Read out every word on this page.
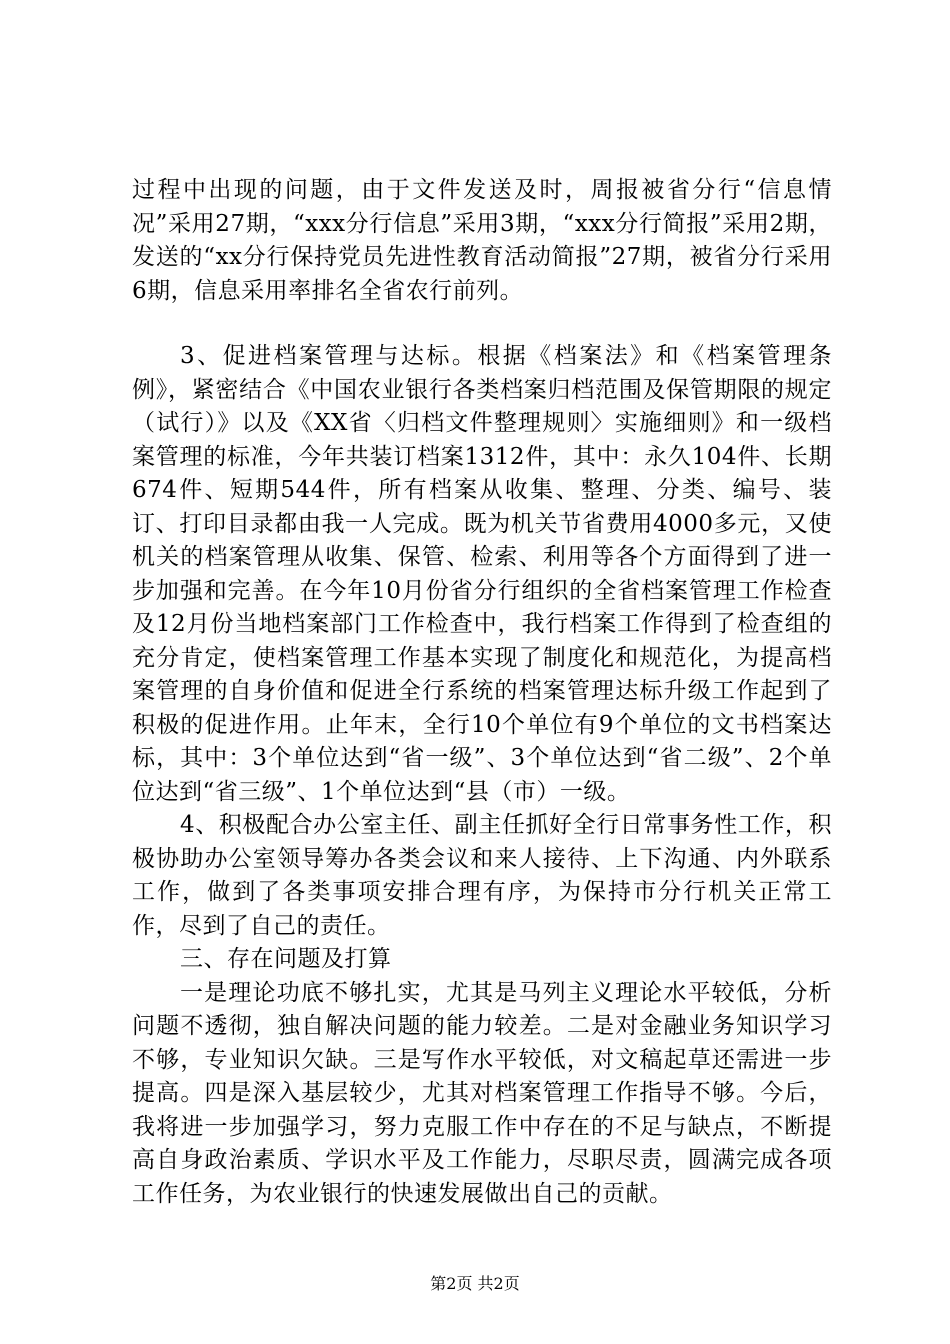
过程中出现的问题，由于文件发送及时，周报被省分行“信息情况”采用27期，“xxx分行信息”采用3期，“xxx分行简报”采用2期，发送的“xx分行保持党员先进性教育活动简报”27期，被省分行采用6期，信息采用率排名全省农行前列。

3、促进档案管理与达标。根据《档案法》和《档案管理条例》，紧密结合《中国农业银行各类档案归档范围及保管期限的规定（试行）》以及《XX省〈归档文件整理规则〉实施细则》和一级档案管理的标准，今年共装订档案1312件，其中：永久104件、长期674件、短期544件，所有档案从收集、整理、分类、编号、装订、打印目录都由我一人完成。既为机关节省费用4000多元，又使机关的档案管理从收集、保管、检索、利用等各个方面得到了进一步加强和完善。在今年10月份省分行组织的全省档案管理工作检查及12月份当地档案部门工作检查中，我行档案工作得到了检查组的充分肯定，使档案管理工作基本实现了制度化和规范化，为提高档案管理的自身价值和促进全行系统的档案管理达标升级工作起到了积极的促进作用。止年末，全行10个单位有9个单位的文书档案达标，其中：3个单位达到“省一级”、3个单位达到“省二级”、2个单位达到“省三级”、1个单位达到“县（市）一级。

4、积极配合办公室主任、副主任抓好全行日常事务性工作，积极协助办公室领导筹办各类会议和来人接待、上下沟通、内外联系工作，做到了各类事项安排合理有序，为保持市分行机关正常工作，尽到了自己的责任。

三、存在问题及打算

一是理论功底不够扎实，尤其是马列主义理论水平较低，分析问题不透彻，独自解决问题的能力较差。二是对金融业务知识学习不够，专业知识欠缺。三是写作水平较低，对文稿起草还需进一步提高。四是深入基层较少，尤其对档案管理工作指导不够。今后，我将进一步加强学习，努力克服工作中存在的不足与缺点，不断提高自身政治素质、学识水平及工作能力，尽职尽责，圆满完成各项工作任务，为农业银行的快速发展做出自己的贡献。

第2页 共2页
